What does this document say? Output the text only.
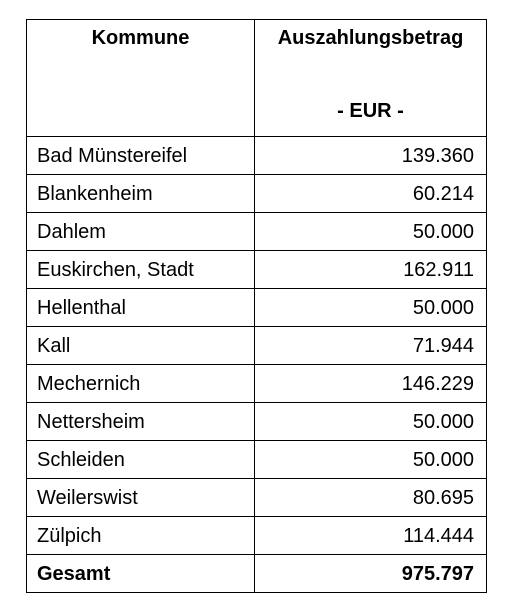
Kommune	Auszahlungsbetrag
- EUR -

Bad Münstereifel	139.360
Blankenheim	60.214
Dahlem	50.000
Euskirchen, Stadt	162.911
Hellenthal	50.000
Kall	71.944
Mechernich	146.229
Nettersheim	50.000
Schleiden	50.000
Weilerswist	80.695
Zülpich	114.444
Gesamt	975.797
